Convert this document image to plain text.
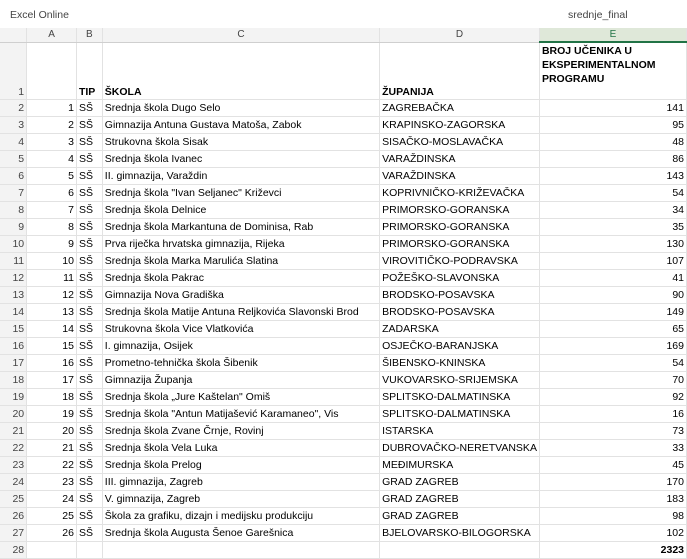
Excel Online	srednje_final
	A	B	C	D	E
1		TIP	ŠKOLA	ŽUPANIJA	BROJ UČENIKA U EKSPERIMENTALNOM PROGRAMU
2	1	SŠ	Srednja škola Dugo Selo	ZAGREBAČKA	141
3	2	SŠ	Gimnazija Antuna Gustava Matoša, Zabok	KRAPINSKO-ZAGORSKA	95
4	3	SŠ	Strukovna škola Sisak	SISAČKO-MOSLAVAČKA	48
5	4	SŠ	Srednja škola Ivanec	VARAŽDINSKA	86
6	5	SŠ	II. gimnazija, Varaždin	VARAŽDINSKA	143
7	6	SŠ	Srednja škola "Ivan Seljanec" Križevci	KOPRIVNIČKO-KRIŽEVAČKA	54
8	7	SŠ	Srednja škola Delnice	PRIMORSKO-GORANSKA	34
9	8	SŠ	Srednja škola Markantuna de Dominisa, Rab	PRIMORSKO-GORANSKA	35
10	9	SŠ	Prva riječka hrvatska gimnazija, Rijeka	PRIMORSKO-GORANSKA	130
11	10	SŠ	Srednja škola Marka Marulića Slatina	VIROVITIČKO-PODRAVSKA	107
12	11	SŠ	Srednja škola Pakrac	POŽEŠKO-SLAVONSKA	41
13	12	SŠ	Gimnazija Nova Gradiška	BRODSKO-POSAVSKA	90
14	13	SŠ	Srednja škola Matije Antuna Reljkovića Slavonski Brod	BRODSKO-POSAVSKA	149
15	14	SŠ	Strukovna škola Vice Vlatkovića	ZADARSKA	65
16	15	SŠ	I. gimnazija, Osijek	OSJEČKO-BARANJSKA	169
17	16	SŠ	Prometno-tehnička škola Šibenik	ŠIBENSKO-KNINSKA	54
18	17	SŠ	Gimnazija Županja	VUKOVARSKO-SRIJEMSKA	70
19	18	SŠ	Srednja škola „Jure Kaštelan" Omiš	SPLITSKO-DALMATINSKA	92
20	19	SŠ	Srednja škola "Antun Matijašević Karamaneo", Vis	SPLITSKO-DALMATINSKA	16
21	20	SŠ	Srednja škola Zvane Črnje, Rovinj	ISTARSKA	73
22	21	SŠ	Srednja škola Vela Luka	DUBROVAČKO-NERETVANSKA	33
23	22	SŠ	Srednja škola Prelog	MEĐIMURSKA	45
24	23	SŠ	III. gimnazija, Zagreb	GRAD ZAGREB	170
25	24	SŠ	V. gimnazija, Zagreb	GRAD ZAGREB	183
26	25	SŠ	Škola za grafiku, dizajn i medijsku produkciju	GRAD ZAGREB	98
27	26	SŠ	Srednja škola Augusta Šenoe Garešnica	BJELOVARSKO-BILOGORSKA	102
28					2323
